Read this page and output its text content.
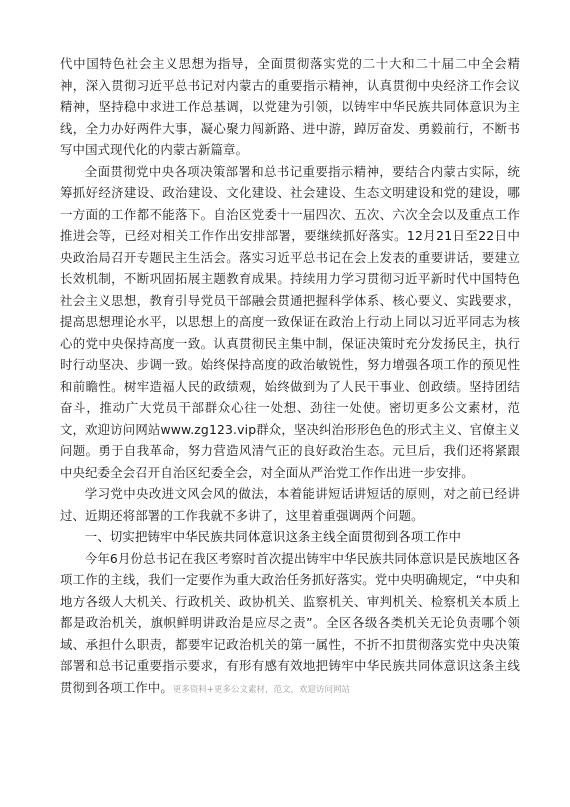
代中国特色社会主义思想为指导，全面贯彻落实党的二十大和二十届二中全会精神，深入贯彻习近平总书记对内蒙古的重要指示精神，认真贯彻中央经济工作会议精神，坚持稳中求进工作总基调，以党建为引领，以铸牢中华民族共同体意识为主线，全力办好两件大事，凝心聚力闯新路、进中游，踔厉奋发、勇毅前行，不断书写中国式现代化的内蒙古新篇章。

全面贯彻党中央各项决策部署和总书记重要指示精神，要结合内蒙古实际，统筹抓好经济建设、政治建设、文化建设、社会建设、生态文明建设和党的建设，哪一方面的工作都不能落下。自治区党委十一届四次、五次、六次全会以及重点工作推进会等，已经对相关工作作出安排部署，要继续抓好落实。12月21日至22日中央政治局召开专题民主生活会。落实习近平总书记在会上发表的重要讲话，要建立长效机制，不断巩固拓展主题教育成果。持续用力学习贯彻习近平新时代中国特色社会主义思想，教育引导党员干部融会贯通把握科学体系、核心要义、实践要求，提高思想理论水平，以思想上的高度一致保证在政治上行动上同以习近平同志为核心的党中央保持高度一致。认真贯彻民主集中制，保证决策时充分发扬民主，执行时行动坚决、步调一致。始终保持高度的政治敏锐性，努力增强各项工作的预见性和前瞻性。树牢造福人民的政绩观，始终做到为了人民干事业、创政绩。坚持团结奋斗，推动广大党员干部群众心往一处想、劲往一处使。密切更多公文素材，范文，欢迎访问网站www.zg123.vip群众，坚决纠治形形色色的形式主义、官僚主义问题。勇于自我革命，努力营造风清气正的良好政治生态。元旦后，我们还将紧跟中央纪委全会召开自治区纪委全会，对全面从严治党工作作出进一步安排。

学习党中央改进文风会风的做法，本着能讲短话讲短话的原则，对之前已经讲过、近期还将部署的工作我就不多讲了，这里着重强调两个问题。

一、切实把铸牢中华民族共同体意识这条主线全面贯彻到各项工作中

今年6月份总书记在我区考察时首次提出铸牢中华民族共同体意识是民族地区各项工作的主线，我们一定要作为重大政治任务抓好落实。党中央明确规定，“中央和地方各级人大机关、行政机关、政协机关、监察机关、审判机关、检察机关本质上都是政治机关，旗帜鲜明讲政治是应尽之责”。全区各级各类机关无论负责哪个领域、承担什么职责，都要牢记政治机关的第一属性，不折不扣贯彻落实党中央决策部署和总书记重要指示要求，有形有感有效地把铸牢中华民族共同体意识这条主线贯彻到各项工作中。更多资料+更多公文素材，范文，欢迎访问网站
